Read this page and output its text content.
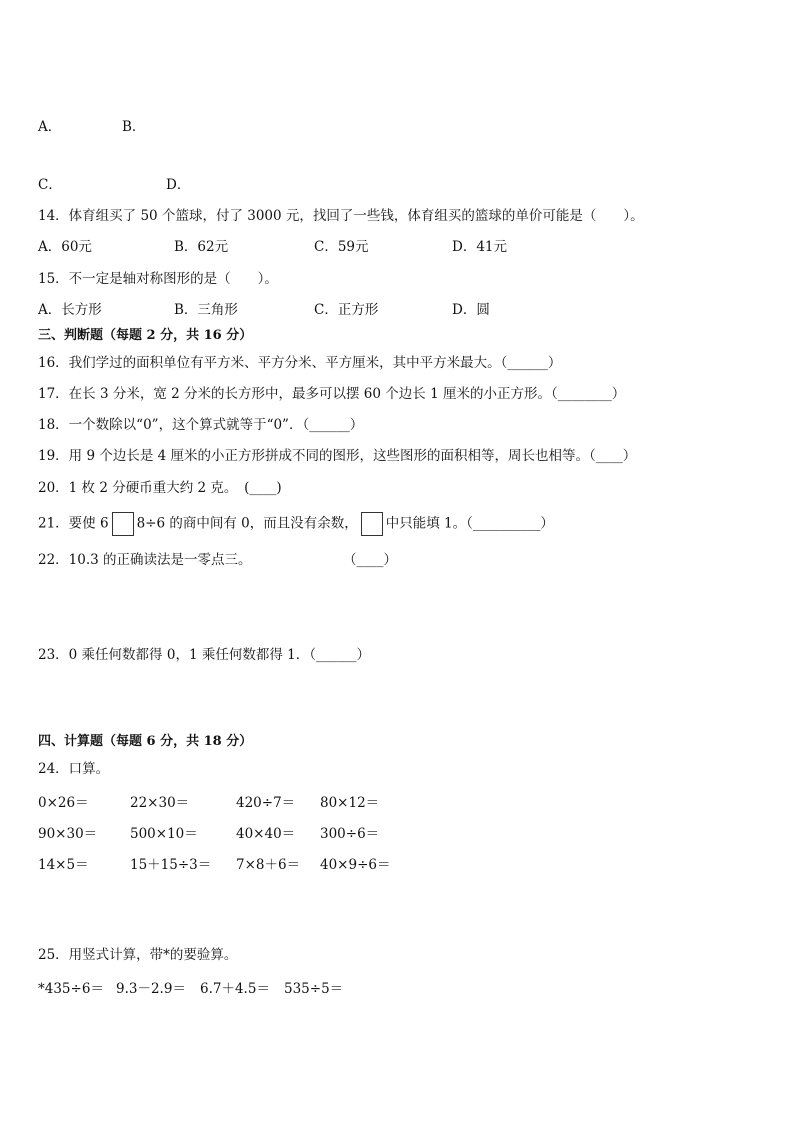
A．	B．
C．	D．
14．体育组买了 50 个篮球，付了 3000 元，找回了一些钱，体育组买的篮球的单价可能是（　　）。
A．60元	B．62元	C．59元	D．41元
15．不一定是轴对称图形的是（　　）。
A．长方形	B．三角形	C．正方形	D．圆
三、判断题（每题 2 分，共 16 分）
16．我们学过的面积单位有平方米、平方分米、平方厘米，其中平方米最大。（______）
17．在长 3 分米，宽 2 分米的长方形中，最多可以摆 60 个边长 1 厘米的小正方形。（________）
18．一个数除以“0”，这个算式就等于“0”．（______）
19．用 9 个边长是 4 厘米的小正方形拼成不同的图形，这些图形的面积相等，周长也相等。（____）
20．1 枚 2 分硬币重大约 2 克。　(____)
21．要使 6 8÷6 的商中间有 0，而且没有余数， 中只能填 1。（__________）
22．10.3 的正确读法是一零点三。	（____）
23．0 乘任何数都得 0，1 乘任何数都得 1．（______）
四、计算题（每题 6 分，共 18 分）
24．口算。
0×26＝	22×30＝	420÷7＝ 80×12＝
90×30＝ 500×10＝	40×40＝ 300÷6＝
14×5＝	15＋15÷3＝ 7×8＋6＝ 40×9÷6＝
25．用竖式计算，带*的要验算。
*435÷6＝ 9.3－2.9＝ 6.7＋4.5＝ 535÷5＝
